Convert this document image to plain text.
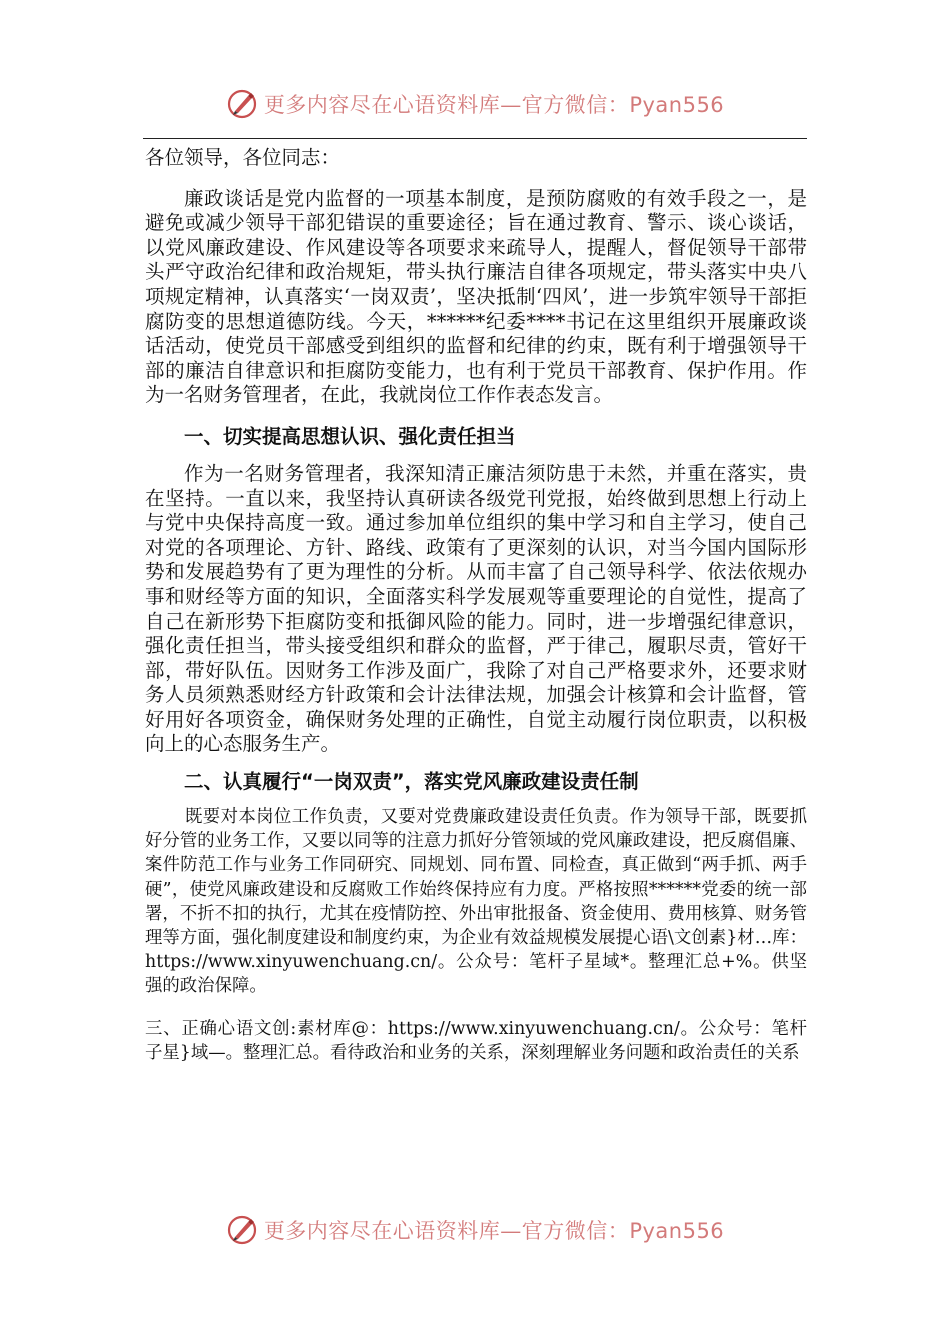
更多内容尽在心语资料库—官方微信：Pyan556

各位领导，各位同志：

廉政谈话是党内监督的一项基本制度，是预防腐败的有效手段之一，是避免或减少领导干部犯错误的重要途径；旨在通过教育、警示、谈心谈话，以党风廉政建设、作风建设等各项要求来疏导人，提醒人，督促领导干部带头严守政治纪律和政治规矩，带头执行廉洁自律各项规定，带头落实中央八项规定精神，认真落实‘一岗双责’，坚决抵制‘四风’，进一步筑牢领导干部拒腐防变的思想道德防线。今天，******纪委****书记在这里组织开展廉政谈话活动，使党员干部感受到组织的监督和纪律的约束，既有利于增强领导干部的廉洁自律意识和拒腐防变能力，也有利于党员干部教育、保护作用。作为一名财务管理者，在此，我就岗位工作作表态发言。

一、切实提高思想认识、强化责任担当

作为一名财务管理者，我深知清正廉洁须防患于未然，并重在落实，贵在坚持。一直以来，我坚持认真研读各级党刊党报，始终做到思想上行动上与党中央保持高度一致。通过参加单位组织的集中学习和自主学习，使自己对党的各项理论、方针、路线、政策有了更深刻的认识，对当今国内国际形势和发展趋势有了更为理性的分析。从而丰富了自己领导科学、依法依规办事和财经等方面的知识，全面落实科学发展观等重要理论的自觉性，提高了自己在新形势下拒腐防变和抵御风险的能力。同时，进一步增强纪律意识，强化责任担当，带头接受组织和群众的监督，严于律己，履职尽责，管好干部，带好队伍。因财务工作涉及面广，我除了对自己严格要求外，还要求财务人员须熟悉财经方针政策和会计法律法规，加强会计核算和会计监督，管好用好各项资金，确保财务处理的正确性，自觉主动履行岗位职责，以积极向上的心态服务生产。

二、认真履行“一岗双责”，落实党风廉政建设责任制

既要对本岗位工作负责，又要对党费廉政建设责任负责。作为领导干部，既要抓好分管的业务工作，又要以同等的注意力抓好分管领域的党风廉政建设，把反腐倡廉、案件防范工作与业务工作同研究、同规划、同布置、同检查，真正做到“两手抓、两手硬”，使党风廉政建设和反腐败工作始终保持应有力度。严格按照******党委的统一部署，不折不扣的执行，尤其在疫情防控、外出审批报备、资金使用、费用核算、财务管理等方面，强化制度建设和制度约束，为企业有效益规模发展提心语\文创素}材…库：https://www.xinyuwenchuang.cn/。公众号：笔杆子星域*。整理汇总+%。供坚强的政治保障。

三、正确心语文创:素材库@：https://www.xinyuwenchuang.cn/。公众号：笔杆子星}域—。整理汇总。看待政治和业务的关系，深刻理解业务问题和政治责任的关系

更多内容尽在心语资料库—官方微信：Pyan556
